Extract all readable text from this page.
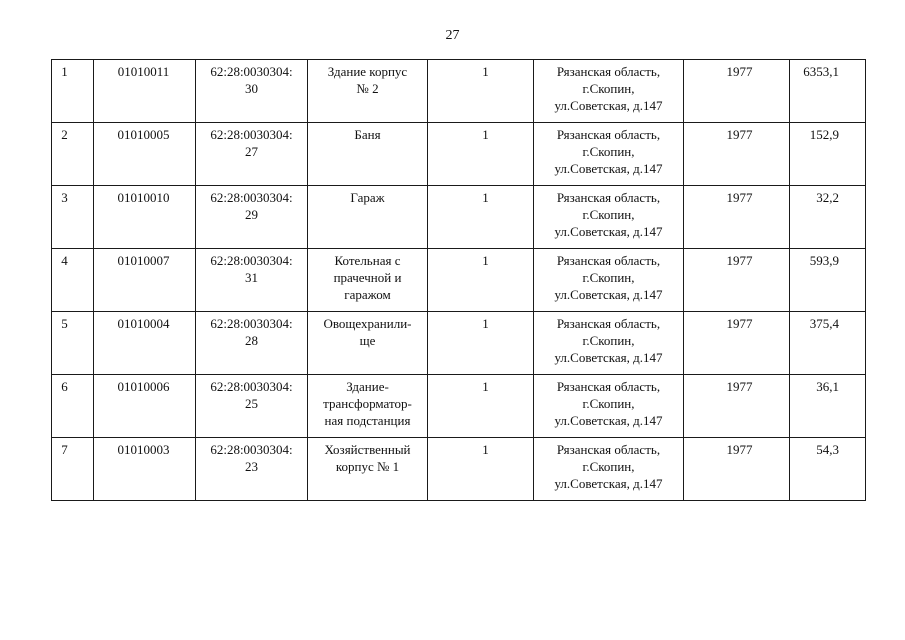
27
1	01010011	62:28:0030304:
30	Здание корпус
№ 2	1	Рязанская область,
г.Скопин,
ул.Советская, д.147	1977	6353,1
2	01010005	62:28:0030304:
27	Баня	1	Рязанская область,
г.Скопин,
ул.Советская, д.147	1977	152,9
3	01010010	62:28:0030304:
29	Гараж	1	Рязанская область,
г.Скопин,
ул.Советская, д.147	1977	32,2
4	01010007	62:28:0030304:
31	Котельная с
прачечной и
гаражом	1	Рязанская область,
г.Скопин,
ул.Советская, д.147	1977	593,9
5	01010004	62:28:0030304:
28	Овощехранили-
ще	1	Рязанская область,
г.Скопин,
ул.Советская, д.147	1977	375,4
6	01010006	62:28:0030304:
25	Здание-
трансформатор-
ная подстанция	1	Рязанская область,
г.Скопин,
ул.Советская, д.147	1977	36,1
7	01010003	62:28:0030304:
23	Хозяйственный
корпус № 1	1	Рязанская область,
г.Скопин,
ул.Советская, д.147	1977	54,3
